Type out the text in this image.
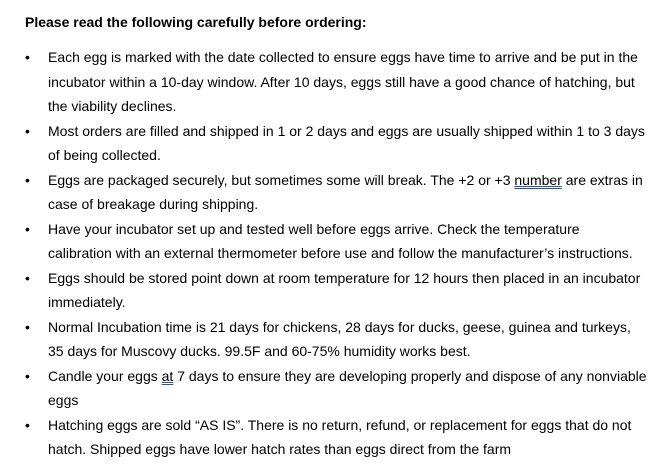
Please read the following carefully before ordering:
• Each egg is marked with the date collected to ensure eggs have time to arrive and be put in the
incubator within a 10-day window. After 10 days, eggs still have a good chance of hatching, but
the viability declines.
• Most orders are filled and shipped in 1 or 2 days and eggs are usually shipped within 1 to 3 days
of being collected.
• Eggs are packaged securely, but sometimes some will break. The +2 or +3 number are extras in
case of breakage during shipping.
• Have your incubator set up and tested well before eggs arrive. Check the temperature
calibration with an external thermometer before use and follow the manufacturer’s instructions.
• Eggs should be stored point down at room temperature for 12 hours then placed in an incubator
immediately.
• Normal Incubation time is 21 days for chickens, 28 days for ducks, geese, guinea and turkeys,
35 days for Muscovy ducks. 99.5F and 60-75% humidity works best.
• Candle your eggs at 7 days to ensure they are developing properly and dispose of any nonviable
eggs
• Hatching eggs are sold “AS IS”. There is no return, refund, or replacement for eggs that do not
hatch. Shipped eggs have lower hatch rates than eggs direct from the farm
